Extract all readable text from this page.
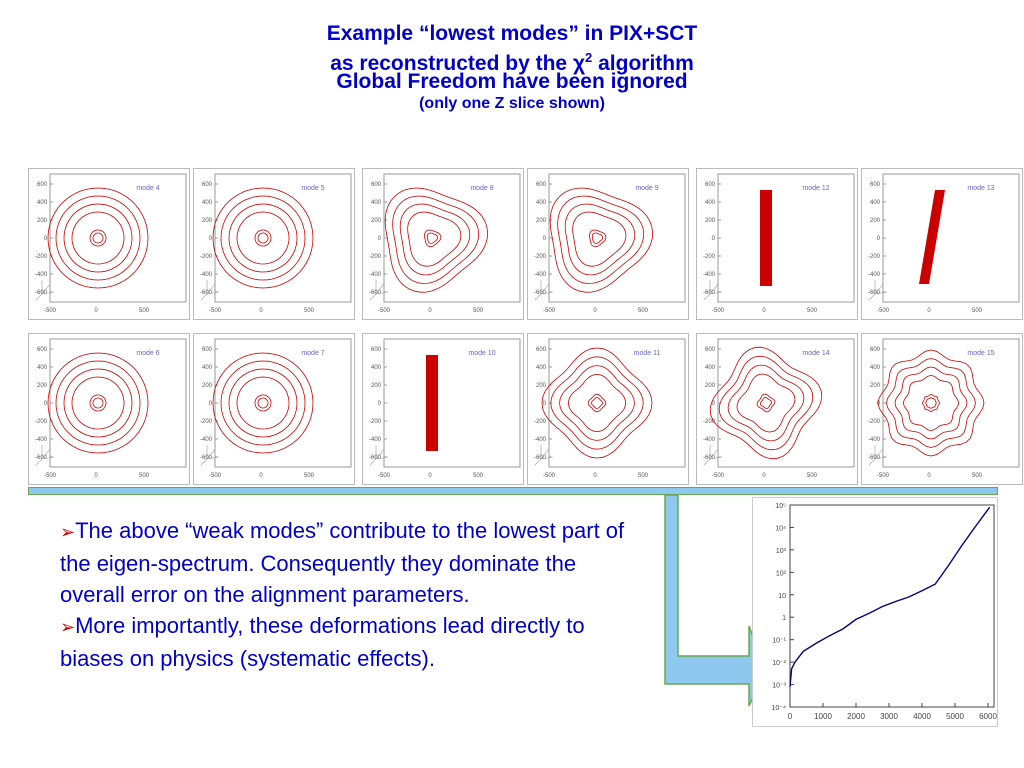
Example “lowest modes” in PIX+SCT
as reconstructed by the $\chi^2$ algorithm
Global Freedom have been ignored
(only one Z slice shown)
600
400
200
0
-200
-400
-600
-500	0	500
mode 4	600
400
200
0
-200
-400
-600
-500	0	500
mode 5	600
400
200
0
-200
-400
-600
-500	0	500
mode 8	600
400
200
0
-200
-400
-600
-500	0	500
mode 9	600
400
200
0
-200
-400
-600
-500	0	500
mode 12	600
400
200
0
-200
-400
-600
-500	0	500
mode 13
600
400
200
0
-200
-400
-600
-500	0	500
mode 6	600
400
200
0
-200
-400
-600
-500	0	500
mode 7	600
400
200
0
-200
-400
-600
-500	0	500
mode 10	600
400
200
0
-200
-400
-600
-500	0	500
mode 11	600
400
200
0
-200
-400
-600
-500	0	500
mode 14	600
400
200
0
-200
-400
-600
-500	0	500
mode 15

➢The above “weak modes” contribute to the lowest part of the eigen-spectrum. Consequently they dominate the overall error on the alignment parameters.

➢More importantly, these deformations lead directly to biases on physics (systematic effects).

10⁵
10⁴
10³
10²
10
1
10⁻¹
10⁻²
10⁻³
10⁻⁴
0	1000 2000 3000 4000 5000 6000
